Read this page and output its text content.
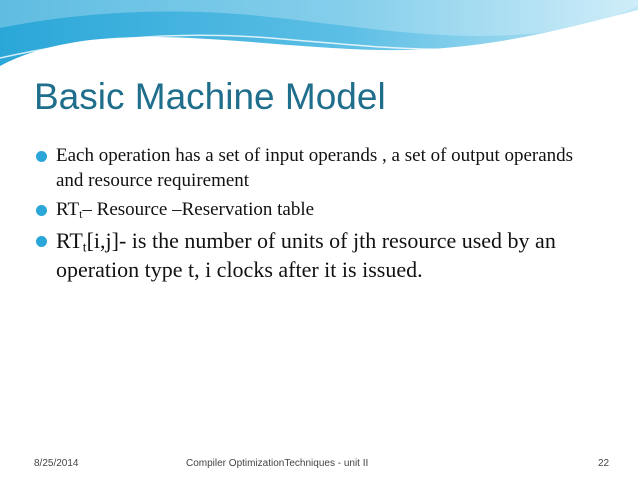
Basic Machine Model
Each operation has a set of input operands , a set of output operands and resource requirement
$RT_t-$ Resource –Reservation table
$RT_t[i,j]-$ is the number of units of jth resource used by an operation type t, i clocks after it is issued.
8/25/2014	Compiler OptimizationTechniques - unit II	22
